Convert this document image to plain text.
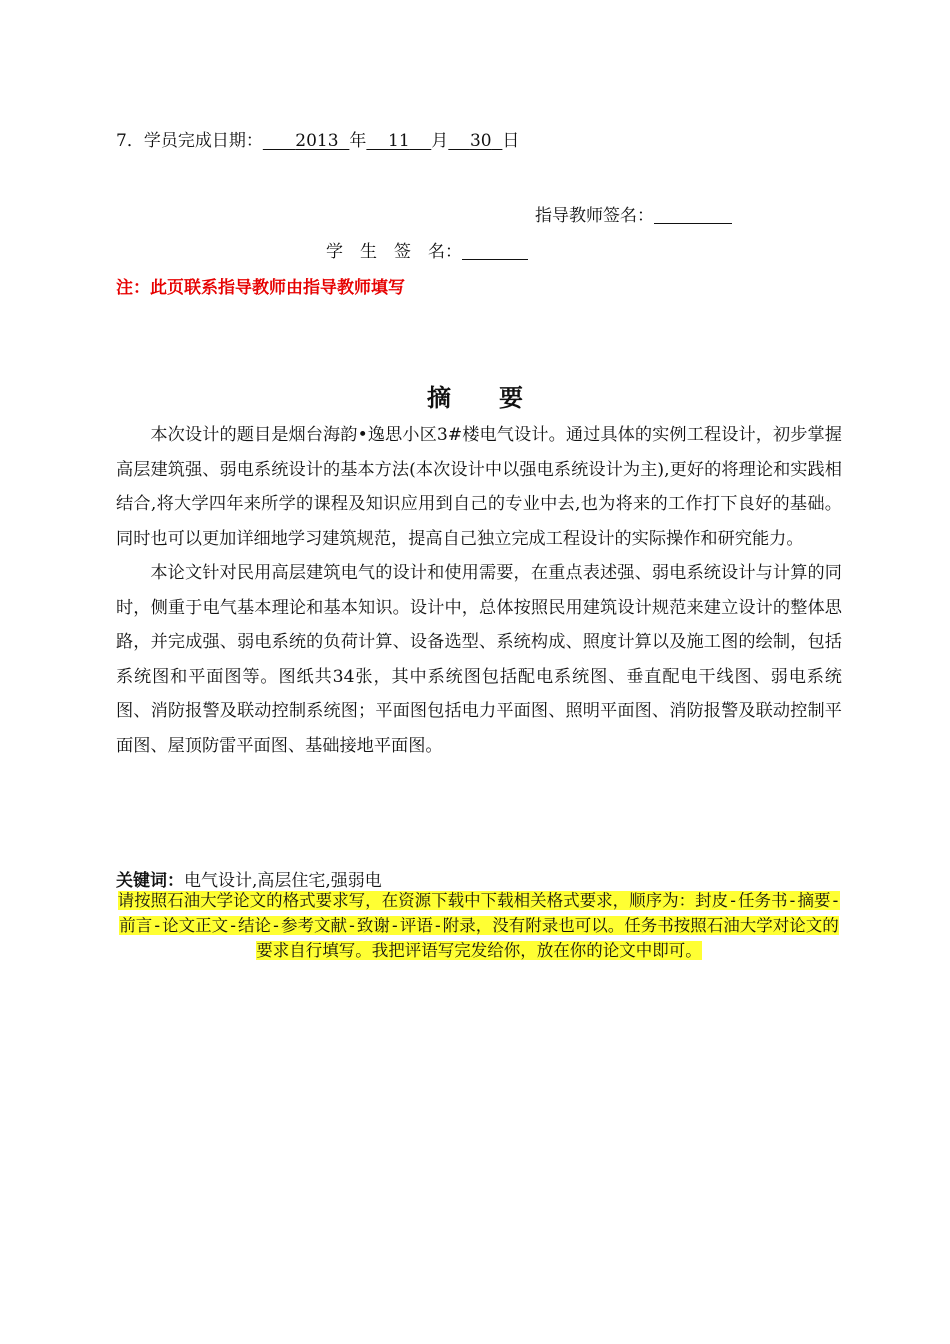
7．学员完成日期：    2013  年   11   月   30  日
指导教师签名：
学　生　签　名：
注：此页联系指导教师由指导教师填写
摘　　要

本次设计的题目是烟台海韵•逸思小区3#楼电气设计。通过具体的实例工程设计，初步掌握高层建筑强、弱电系统设计的基本方法(本次设计中以强电系统设计为主),更好的将理论和实践相结合,将大学四年来所学的课程及知识应用到自己的专业中去,也为将来的工作打下良好的基础。同时也可以更加详细地学习建筑规范，提高自己独立完成工程设计的实际操作和研究能力。

本论文针对民用高层建筑电气的设计和使用需要，在重点表述强、弱电系统设计与计算的同时，侧重于电气基本理论和基本知识。设计中，总体按照民用建筑设计规范来建立设计的整体思路，并完成强、弱电系统的负荷计算、设备选型、系统构成、照度计算以及施工图的绘制，包括系统图和平面图等。图纸共34张，其中系统图包括配电系统图、垂直配电干线图、弱电系统图、消防报警及联动控制系统图；平面图包括电力平面图、照明平面图、消防报警及联动控制平面图、屋顶防雷平面图、基础接地平面图。

关键词：电气设计,高层住宅,强弱电
请按照石油大学论文的格式要求写，在资源下载中下载相关格式要求，顺序为：封皮-任务书-摘要-前言-论文正文-结论-参考文献-致谢-评语-附录，没有附录也可以。任务书按照石油大学对论文的要求自行填写。我把评语写完发给你，放在你的论文中即可。
